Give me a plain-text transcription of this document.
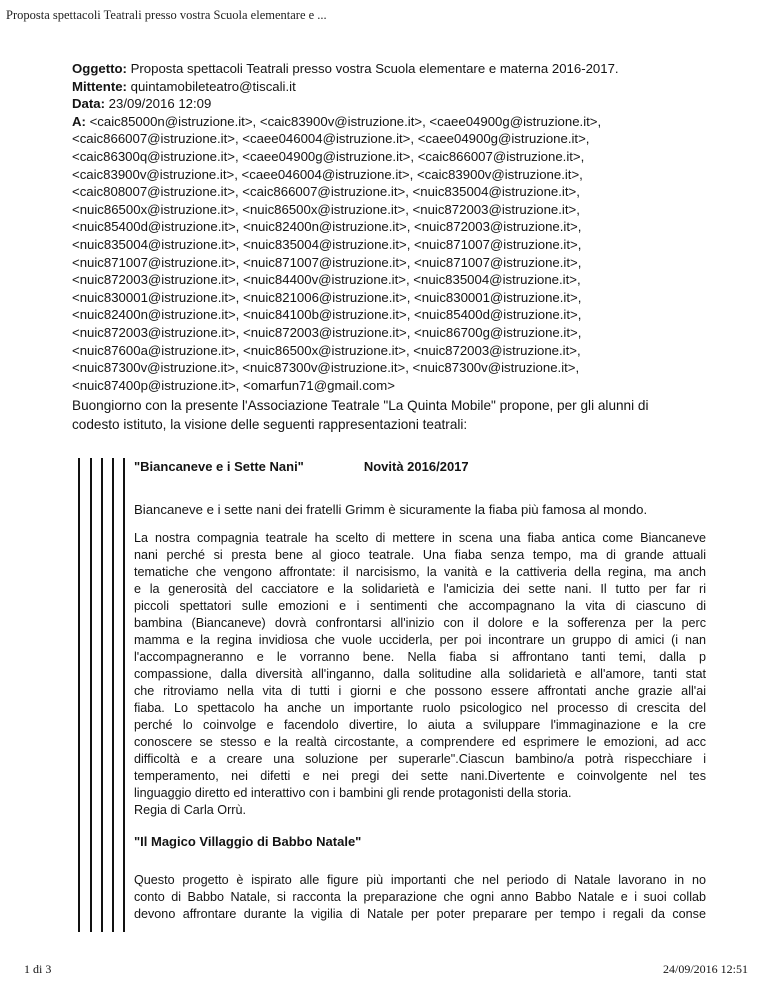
Proposta spettacoli Teatrali presso vostra Scuola elementare e ...
Oggetto: Proposta spettacoli Teatrali presso vostra Scuola elementare e materna 2016-2017.
Mittente: quintamobileteatro@tiscali.it
Data: 23/09/2016 12:09
A: <caic85000n@istruzione.it>, <caic83900v@istruzione.it>, <caee04900g@istruzione.it>,
<caic866007@istruzione.it>, <caee046004@istruzione.it>, <caee04900g@istruzione.it>,
<caic86300q@istruzione.it>, <caee04900g@istruzione.it>, <caic866007@istruzione.it>,
<caic83900v@istruzione.it>, <caee046004@istruzione.it>, <caic83900v@istruzione.it>,
<caic808007@istruzione.it>, <caic866007@istruzione.it>, <nuic835004@istruzione.it>,
<nuic86500x@istruzione.it>, <nuic86500x@istruzione.it>, <nuic872003@istruzione.it>,
<nuic85400d@istruzione.it>, <nuic82400n@istruzione.it>, <nuic872003@istruzione.it>,
<nuic835004@istruzione.it>, <nuic835004@istruzione.it>, <nuic871007@istruzione.it>,
<nuic871007@istruzione.it>, <nuic871007@istruzione.it>, <nuic871007@istruzione.it>,
<nuic872003@istruzione.it>, <nuic84400v@istruzione.it>, <nuic835004@istruzione.it>,
<nuic830001@istruzione.it>, <nuic821006@istruzione.it>, <nuic830001@istruzione.it>,
<nuic82400n@istruzione.it>, <nuic84100b@istruzione.it>, <nuic85400d@istruzione.it>,
<nuic872003@istruzione.it>, <nuic872003@istruzione.it>, <nuic86700g@istruzione.it>,
<nuic87600a@istruzione.it>, <nuic86500x@istruzione.it>, <nuic872003@istruzione.it>,
<nuic87300v@istruzione.it>, <nuic87300v@istruzione.it>, <nuic87300v@istruzione.it>,
<nuic87400p@istruzione.it>, <omarfun71@gmail.com>
Buongiorno con la presente l'Associazione Teatrale "La Quinta Mobile" propone, per gli alunni di
codesto istituto, la visione delle seguenti rappresentazioni teatrali:
"Biancaneve e i Sette Nani"	Novità 2016/2017
Biancaneve e i sette nani dei fratelli Grimm è sicuramente la fiaba più famosa al mondo.
La nostra compagnia teatrale ha scelto di mettere in scena una fiaba antica come Biancaneve
nani perché si presta bene al gioco teatrale. Una fiaba senza tempo, ma di grande attuali
tematiche che vengono affrontate: il narcisismo, la vanità e la cattiveria della regina, ma anch
e la generosità del cacciatore e la solidarietà e l'amicizia dei sette nani. Il tutto per far ri
piccoli spettatori sulle emozioni e i sentimenti che accompagnano la vita di ciascuno di
bambina (Biancaneve) dovrà confrontarsi all'inizio con il dolore e la sofferenza per la perc
mamma e la regina invidiosa che vuole ucciderla, per poi incontrare un gruppo di amici (i nan
l'accompagneranno e le vorranno bene. Nella fiaba si affrontano tanti temi, dalla p
compassione, dalla diversità all'inganno, dalla solitudine alla solidarietà e all'amore, tanti stat
che ritroviamo nella vita di tutti i giorni e che possono essere affrontati anche grazie all'ai
fiaba. Lo spettacolo ha anche un importante ruolo psicologico nel processo di crescita del
perché lo coinvolge e facendolo divertire, lo aiuta a sviluppare l'immaginazione e la cre
conoscere se stesso e la realtà circostante, a comprendere ed esprimere le emozioni, ad acc
difficoltà e a creare una soluzione per superarle".Ciascun bambino/a potrà rispecchiare i
temperamento, nei difetti e nei pregi dei sette nani.Divertente e coinvolgente nel tes
linguaggio diretto ed interattivo con i bambini gli rende protagonisti della storia.
Regia di Carla Orrù.
"Il Magico Villaggio di Babbo Natale"
Questo progetto è ispirato alle figure più importanti che nel periodo di Natale lavorano in no
conto di Babbo Natale, si racconta la preparazione che ogni anno Babbo Natale e i suoi collab
devono affrontare durante la vigilia di Natale per poter preparare per tempo i regali da conse
1 di 3	24/09/2016 12:51
